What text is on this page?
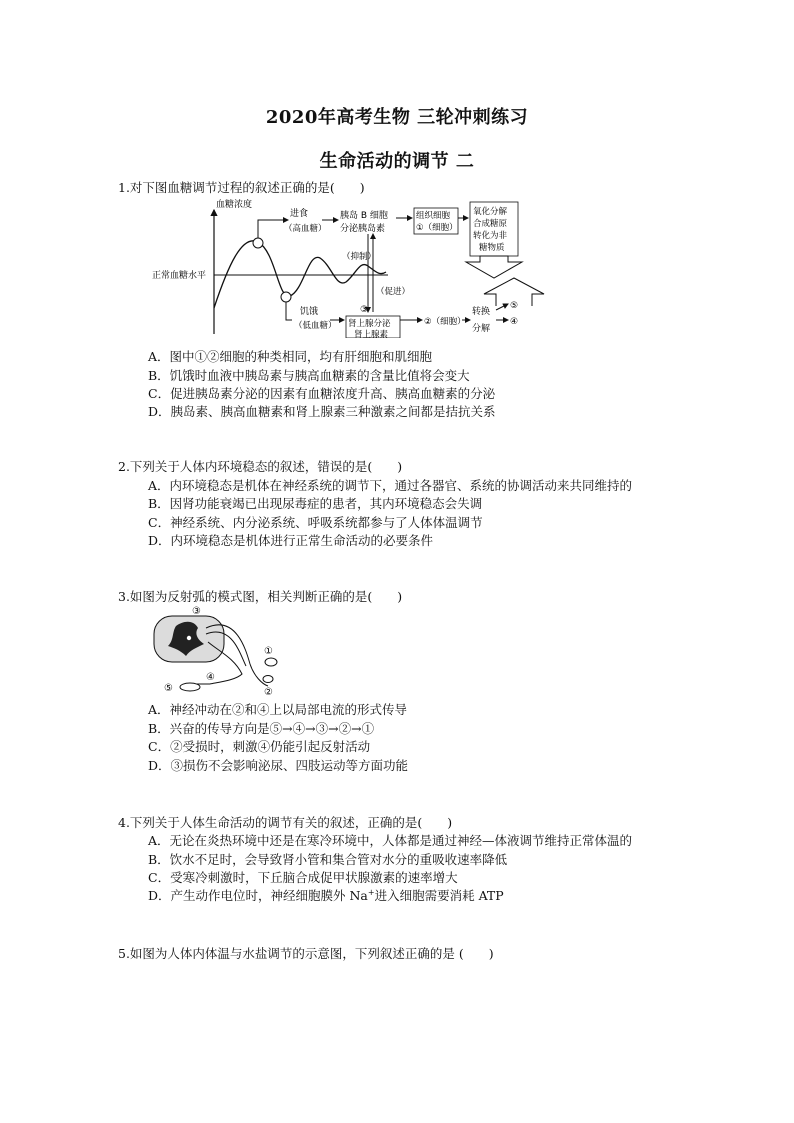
2020年高考生物 三轮冲刺练习
生命活动的调节 二
1.对下图血糖调节过程的叙述正确的是(　　)
血糖浓度
正常血糖水平
进食
（高血糖）
胰岛 B 细胞
分泌胰岛素
组织细胞
①（细胞）
氧化分解
合成糖原
转化为非
糖物质
（抑制）
（促进）
饥饿
（低血糖）
③
肾上腺分泌
肾上腺素
②（细胞）
转换
分解
⑤
④
A．图中①②细胞的种类相同，均有肝细胞和肌细胞
B．饥饿时血液中胰岛素与胰高血糖素的含量比值将会变大
C．促进胰岛素分泌的因素有血糖浓度升高、胰高血糖素的分泌
D．胰岛素、胰高血糖素和肾上腺素三种激素之间都是拮抗关系
2.下列关于人体内环境稳态的叙述，错误的是(　　)
A．内环境稳态是机体在神经系统的调节下，通过各器官、系统的协调活动来共同维持的
B．因肾功能衰竭已出现尿毒症的患者，其内环境稳态会失调
C．神经系统、内分泌系统、呼吸系统都参与了人体体温调节
D．内环境稳态是机体进行正常生命活动的必要条件
3.如图为反射弧的模式图，相关判断正确的是(　　)
③
①
②
④
⑤
A．神经冲动在②和④上以局部电流的形式传导
B．兴奋的传导方向是⑤→④→③→②→①
C．②受损时，刺激④仍能引起反射活动
D．③损伤不会影响泌尿、四肢运动等方面功能
4.下列关于人体生命活动的调节有关的叙述，正确的是(　　)
A．无论在炎热环境中还是在寒冷环境中，人体都是通过神经—体液调节维持正常体温的
B．饮水不足时，会导致肾小管和集合管对水分的重吸收速率降低
C．受寒冷刺激时，下丘脑合成促甲状腺激素的速率增大
D．产生动作电位时，神经细胞膜外 Na+进入细胞需要消耗 ATP
5.如图为人体内体温与水盐调节的示意图，下列叙述正确的是 (　　)
